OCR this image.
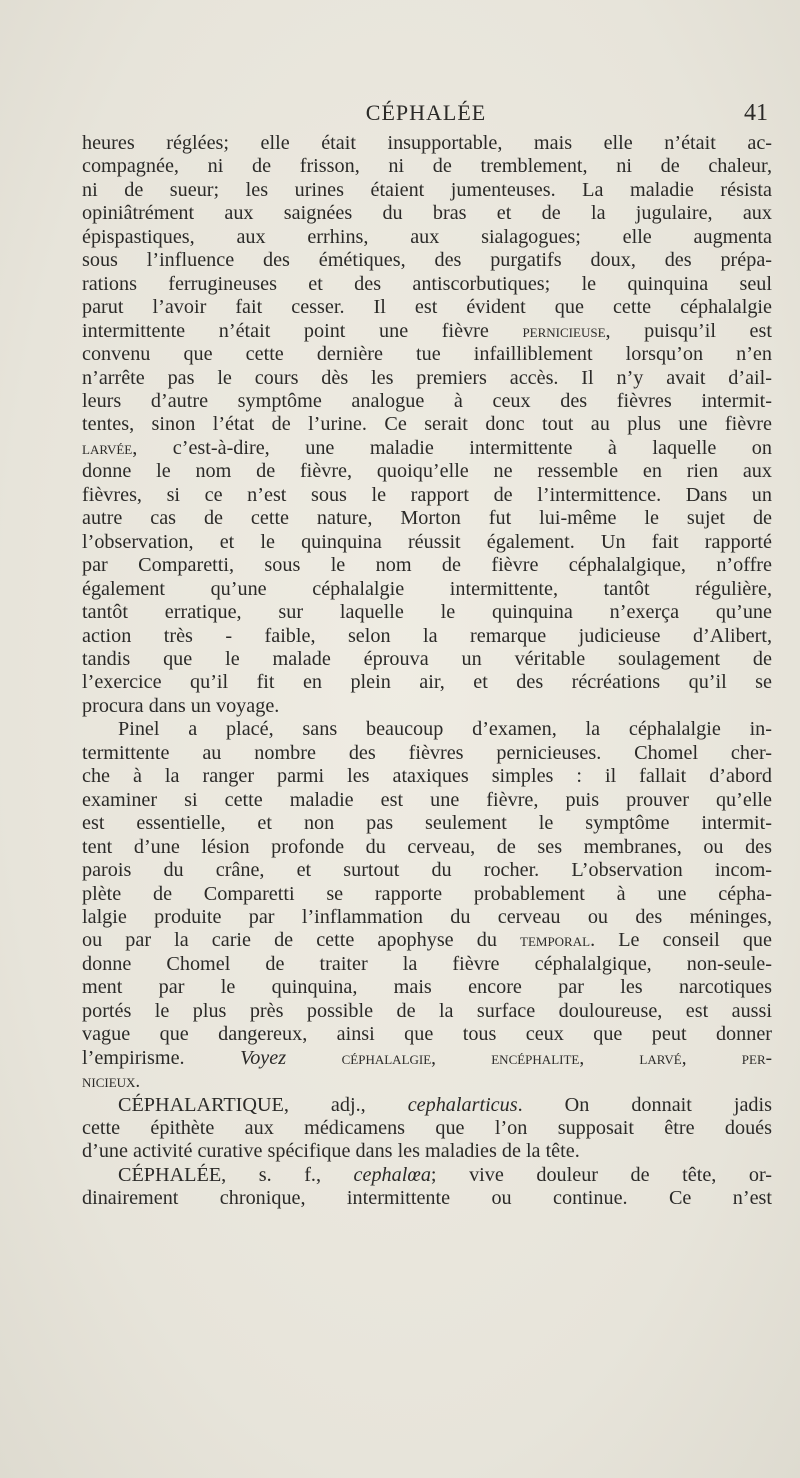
CÉPHALÉE	41
heures réglées; elle était insupportable, mais elle n’était ac-
compagnée, ni de frisson, ni de tremblement, ni de chaleur,
ni de sueur; les urines étaient jumenteuses. La maladie résista
opiniâtrément aux saignées du bras et de la jugulaire, aux
épispastiques, aux errhins, aux sialagogues; elle augmenta
sous l’influence des émétiques, des purgatifs doux, des prépa-
rations ferrugineuses et des antiscorbutiques; le quinquina seul
parut l’avoir fait cesser. Il est évident que cette céphalalgie
intermittente n’était point une fièvre pernicieuse, puisqu’il est
convenu que cette dernière tue infailliblement lorsqu’on n’en
n’arrête pas le cours dès les premiers accès. Il n’y avait d’ail-
leurs d’autre symptôme analogue à ceux des fièvres intermit-
tentes, sinon l’état de l’urine. Ce serait donc tout au plus une fièvre
larvée, c’est-à-dire, une maladie intermittente à laquelle on
donne le nom de fièvre, quoiqu’elle ne ressemble en rien aux
fièvres, si ce n’est sous le rapport de l’intermittence. Dans un
autre cas de cette nature, Morton fut lui-même le sujet de
l’observation, et le quinquina réussit également. Un fait rapporté
par Comparetti, sous le nom de fièvre céphalalgique, n’offre
également qu’une céphalalgie intermittente, tantôt régulière,
tantôt erratique, sur laquelle le quinquina n’exerça qu’une
action très - faible, selon la remarque judicieuse d’Alibert,
tandis que le malade éprouva un véritable soulagement de
l’exercice qu’il fit en plein air, et des récréations qu’il se
procura dans un voyage.
Pinel a placé, sans beaucoup d’examen, la céphalalgie in-
termittente au nombre des fièvres pernicieuses. Chomel cher-
che à la ranger parmi les ataxiques simples : il fallait d’abord
examiner si cette maladie est une fièvre, puis prouver qu’elle
est essentielle, et non pas seulement le symptôme intermit-
tent d’une lésion profonde du cerveau, de ses membranes, ou des
parois du crâne, et surtout du rocher. L’observation incom-
plète de Comparetti se rapporte probablement à une cépha-
lalgie produite par l’inflammation du cerveau ou des méninges,
ou par la carie de cette apophyse du temporal. Le conseil que
donne Chomel de traiter la fièvre céphalalgique, non-seule-
ment par le quinquina, mais encore par les narcotiques
portés le plus près possible de la surface douloureuse, est aussi
vague que dangereux, ainsi que tous ceux que peut donner
l’empirisme. Voyez	céphalalgie, encéphalite, larvé, per-
nicieux.
CÉPHALARTIQUE, adj., cephalarticus. On donnait jadis
cette épithète aux médicamens que l’on supposait être doués
d’une activité curative spécifique dans les maladies de la tête.
CÉPHALÉE, s. f., cephalœa; vive douleur de tête, or-
dinairement chronique, intermittente ou continue. Ce n’est
